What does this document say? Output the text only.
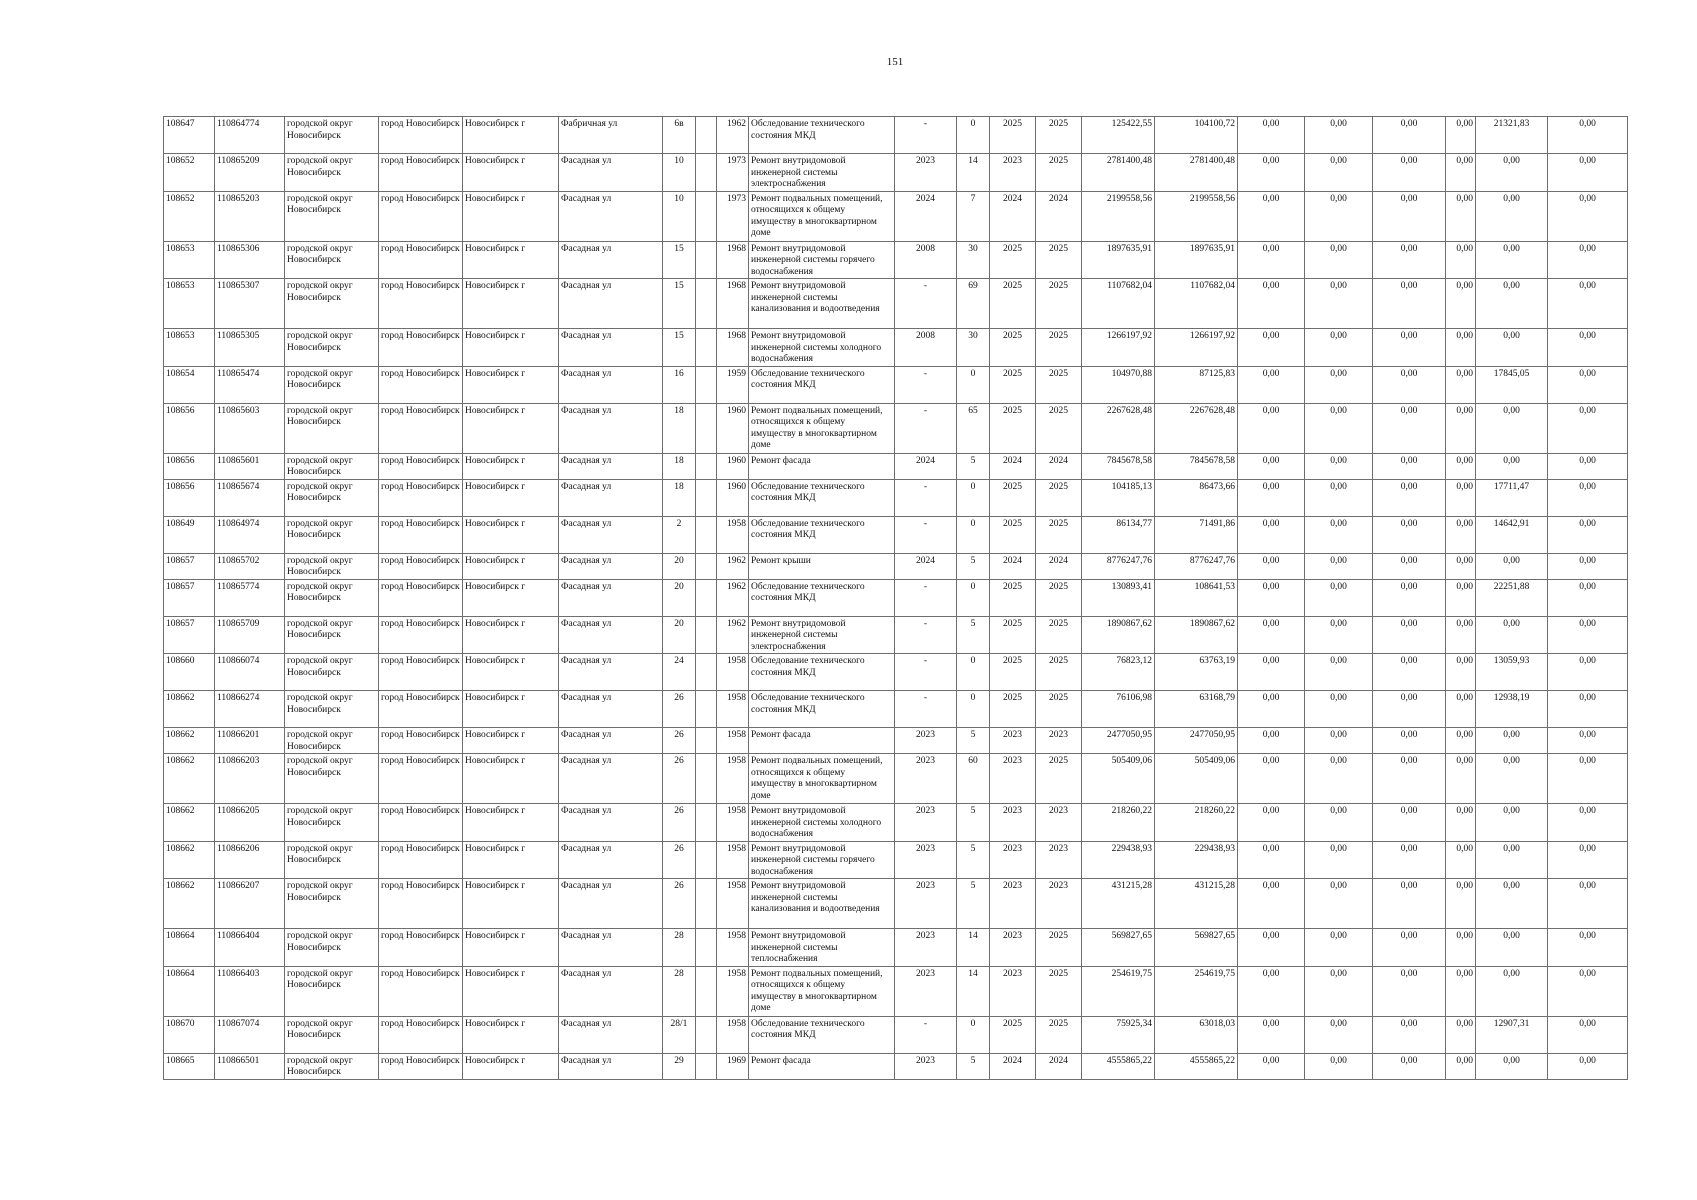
151
108647	110864774	городской округ Новосибирск	город Новосибирск	Новосибирск г	Фабричная ул	6в		1962	Обследование технического состояния МКД	-	0	2025	2025	125422,55	104100,72	0,00	0,00	0,00	0,00	21321,83	0,00
108652	110865209	городской округ Новосибирск	город Новосибирск	Новосибирск г	Фасадная ул	10		1973	Ремонт внутридомовой инженерной системы электроснабжения	2023	14	2023	2025	2781400,48	2781400,48	0,00	0,00	0,00	0,00	0,00	0,00
108652	110865203	городской округ Новосибирск	город Новосибирск	Новосибирск г	Фасадная ул	10		1973	Ремонт подвальных помещений, относящихся к общему имуществу в многоквартирном доме	2024	7	2024	2024	2199558,56	2199558,56	0,00	0,00	0,00	0,00	0,00	0,00
108653	110865306	городской округ Новосибирск	город Новосибирск	Новосибирск г	Фасадная ул	15		1968	Ремонт внутридомовой инженерной системы горячего водоснабжения	2008	30	2025	2025	1897635,91	1897635,91	0,00	0,00	0,00	0,00	0,00	0,00
108653	110865307	городской округ Новосибирск	город Новосибирск	Новосибирск г	Фасадная ул	15		1968	Ремонт внутридомовой инженерной системы канализования и водоотведения	-	69	2025	2025	1107682,04	1107682,04	0,00	0,00	0,00	0,00	0,00	0,00
108653	110865305	городской округ Новосибирск	город Новосибирск	Новосибирск г	Фасадная ул	15		1968	Ремонт внутридомовой инженерной системы холодного водоснабжения	2008	30	2025	2025	1266197,92	1266197,92	0,00	0,00	0,00	0,00	0,00	0,00
108654	110865474	городской округ Новосибирск	город Новосибирск	Новосибирск г	Фасадная ул	16		1959	Обследование технического состояния МКД	-	0	2025	2025	104970,88	87125,83	0,00	0,00	0,00	0,00	17845,05	0,00
108656	110865603	городской округ Новосибирск	город Новосибирск	Новосибирск г	Фасадная ул	18		1960	Ремонт подвальных помещений, относящихся к общему имуществу в многоквартирном доме	-	65	2025	2025	2267628,48	2267628,48	0,00	0,00	0,00	0,00	0,00	0,00
108656	110865601	городской округ Новосибирск	город Новосибирск	Новосибирск г	Фасадная ул	18		1960	Ремонт фасада	2024	5	2024	2024	7845678,58	7845678,58	0,00	0,00	0,00	0,00	0,00	0,00
108656	110865674	городской округ Новосибирск	город Новосибирск	Новосибирск г	Фасадная ул	18		1960	Обследование технического состояния МКД	-	0	2025	2025	104185,13	86473,66	0,00	0,00	0,00	0,00	17711,47	0,00
108649	110864974	городской округ Новосибирск	город Новосибирск	Новосибирск г	Фасадная ул	2		1958	Обследование технического состояния МКД	-	0	2025	2025	86134,77	71491,86	0,00	0,00	0,00	0,00	14642,91	0,00
108657	110865702	городской округ Новосибирск	город Новосибирск	Новосибирск г	Фасадная ул	20		1962	Ремонт крыши	2024	5	2024	2024	8776247,76	8776247,76	0,00	0,00	0,00	0,00	0,00	0,00
108657	110865774	городской округ Новосибирск	город Новосибирск	Новосибирск г	Фасадная ул	20		1962	Обследование технического состояния МКД	-	0	2025	2025	130893,41	108641,53	0,00	0,00	0,00	0,00	22251,88	0,00
108657	110865709	городской округ Новосибирск	город Новосибирск	Новосибирск г	Фасадная ул	20		1962	Ремонт внутридомовой инженерной системы электроснабжения	-	5	2025	2025	1890867,62	1890867,62	0,00	0,00	0,00	0,00	0,00	0,00
108660	110866074	городской округ Новосибирск	город Новосибирск	Новосибирск г	Фасадная ул	24		1958	Обследование технического состояния МКД	-	0	2025	2025	76823,12	63763,19	0,00	0,00	0,00	0,00	13059,93	0,00
108662	110866274	городской округ Новосибирск	город Новосибирск	Новосибирск г	Фасадная ул	26		1958	Обследование технического состояния МКД	-	0	2025	2025	76106,98	63168,79	0,00	0,00	0,00	0,00	12938,19	0,00
108662	110866201	городской округ Новосибирск	город Новосибирск	Новосибирск г	Фасадная ул	26		1958	Ремонт фасада	2023	5	2023	2023	2477050,95	2477050,95	0,00	0,00	0,00	0,00	0,00	0,00
108662	110866203	городской округ Новосибирск	город Новосибирск	Новосибирск г	Фасадная ул	26		1958	Ремонт подвальных помещений, относящихся к общему имуществу в многоквартирном доме	2023	60	2023	2025	505409,06	505409,06	0,00	0,00	0,00	0,00	0,00	0,00
108662	110866205	городской округ Новосибирск	город Новосибирск	Новосибирск г	Фасадная ул	26		1958	Ремонт внутридомовой инженерной системы холодного водоснабжения	2023	5	2023	2023	218260,22	218260,22	0,00	0,00	0,00	0,00	0,00	0,00
108662	110866206	городской округ Новосибирск	город Новосибирск	Новосибирск г	Фасадная ул	26		1958	Ремонт внутридомовой инженерной системы горячего водоснабжения	2023	5	2023	2023	229438,93	229438,93	0,00	0,00	0,00	0,00	0,00	0,00
108662	110866207	городской округ Новосибирск	город Новосибирск	Новосибирск г	Фасадная ул	26		1958	Ремонт внутридомовой инженерной системы канализования и водоотведения	2023	5	2023	2023	431215,28	431215,28	0,00	0,00	0,00	0,00	0,00	0,00
108664	110866404	городской округ Новосибирск	город Новосибирск	Новосибирск г	Фасадная ул	28		1958	Ремонт внутридомовой инженерной системы теплоснабжения	2023	14	2023	2025	569827,65	569827,65	0,00	0,00	0,00	0,00	0,00	0,00
108664	110866403	городской округ Новосибирск	город Новосибирск	Новосибирск г	Фасадная ул	28		1958	Ремонт подвальных помещений, относящихся к общему имуществу в многоквартирном доме	2023	14	2023	2025	254619,75	254619,75	0,00	0,00	0,00	0,00	0,00	0,00
108670	110867074	городской округ Новосибирск	город Новосибирск	Новосибирск г	Фасадная ул	28/1		1958	Обследование технического состояния МКД	-	0	2025	2025	75925,34	63018,03	0,00	0,00	0,00	0,00	12907,31	0,00
108665	110866501	городской округ Новосибирск	город Новосибирск	Новосибирск г	Фасадная ул	29		1969	Ремонт фасада	2023	5	2024	2024	4555865,22	4555865,22	0,00	0,00	0,00	0,00	0,00	0,00
